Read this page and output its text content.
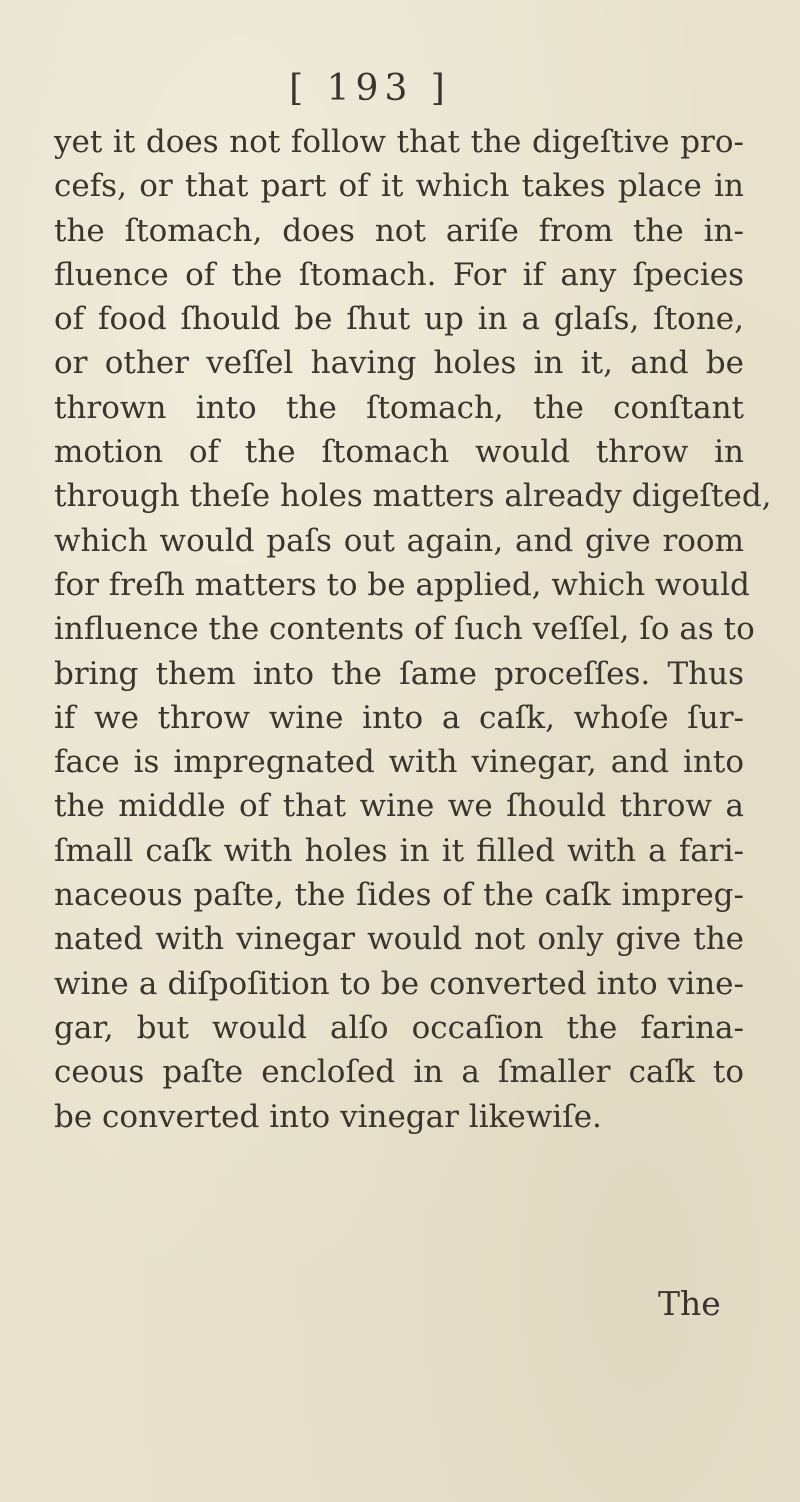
[ 193 ]
yet it does not follow that the digeſtive pro-
cefs, or that part of it which takes place in
the ſtomach, does not ariſe from the in-
fluence of the ſtomach. For if any ſpecies
of food ſhould be ſhut up in a glaſs, ſtone,
or other veſſel having holes in it, and be
thrown into the ſtomach, the conſtant
motion of the ſtomach would throw in
through theſe holes matters already digeſted,
which would paſs out again, and give room
for freſh matters to be applied, which would
influence the contents of ſuch veſſel, ſo as to
bring them into the ſame proceſſes. Thus
if we throw wine into a caſk, whoſe ſur-
face is impregnated with vinegar, and into
the middle of that wine we ſhould throw a
ſmall caſk with holes in it filled with a fari-
naceous paſte, the ſides of the caſk impreg-
nated with vinegar would not only give the
wine a diſpoſition to be converted into vine-
gar, but would alſo occaſion the farina-
ceous paſte encloſed in a ſmaller caſk to
be converted into vinegar likewiſe.
The
